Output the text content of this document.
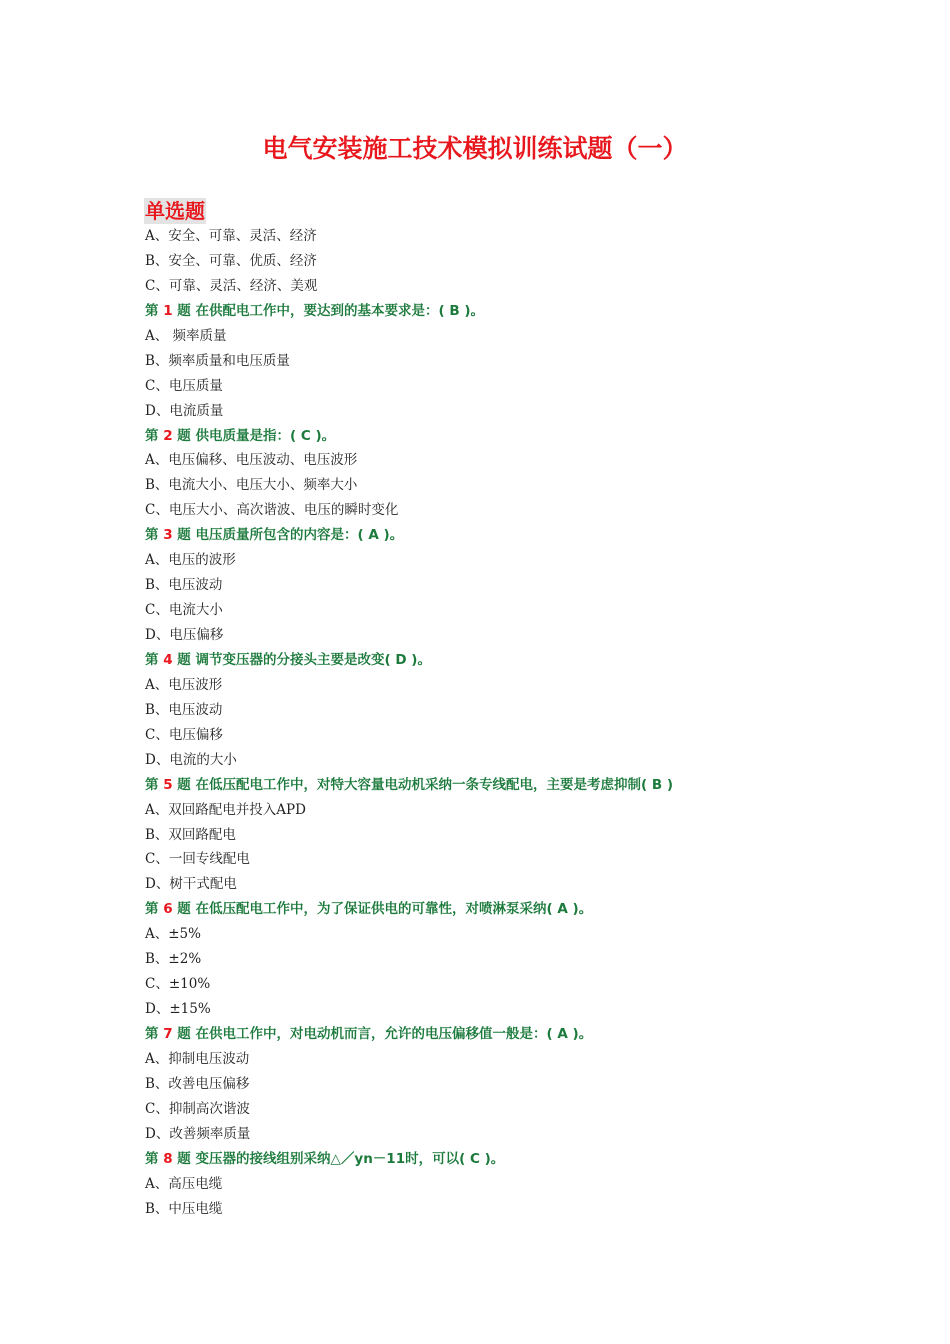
电气安装施工技术模拟训练试题（一）
单选题
A、安全、可靠、灵活、经济
B、安全、可靠、优质、经济
C、可靠、灵活、经济、美观
第 1 题 在供配电工作中，要达到的基本要求是：( B )。
A、 频率质量
B、频率质量和电压质量
C、电压质量
D、电流质量
第 2 题 供电质量是指：( C )。
A、电压偏移、电压波动、电压波形
B、电流大小、电压大小、频率大小
C、电压大小、高次谐波、电压的瞬时变化
第 3 题 电压质量所包含的内容是：( A )。
A、电压的波形
B、电压波动
C、电流大小
D、电压偏移
第 4 题 调节变压器的分接头主要是改变( D )。
A、电压波形
B、电压波动
C、电压偏移
D、电流的大小
第 5 题 在低压配电工作中，对特大容量电动机采纳一条专线配电，主要是考虑抑制( B )
A、双回路配电并投入APD
B、双回路配电
C、一回专线配电
D、树干式配电
第 6 题 在低压配电工作中，为了保证供电的可靠性，对喷淋泵采纳( A )。
A、±5%
B、±2%
C、±10%
D、±15%
第 7 题 在供电工作中，对电动机而言，允许的电压偏移值一般是：( A )。
A、抑制电压波动
B、改善电压偏移
C、抑制高次谐波
D、改善频率质量
第 8 题 变压器的接线组别采纳△／yn－11时，可以( C )。
A、高压电缆
B、中压电缆
